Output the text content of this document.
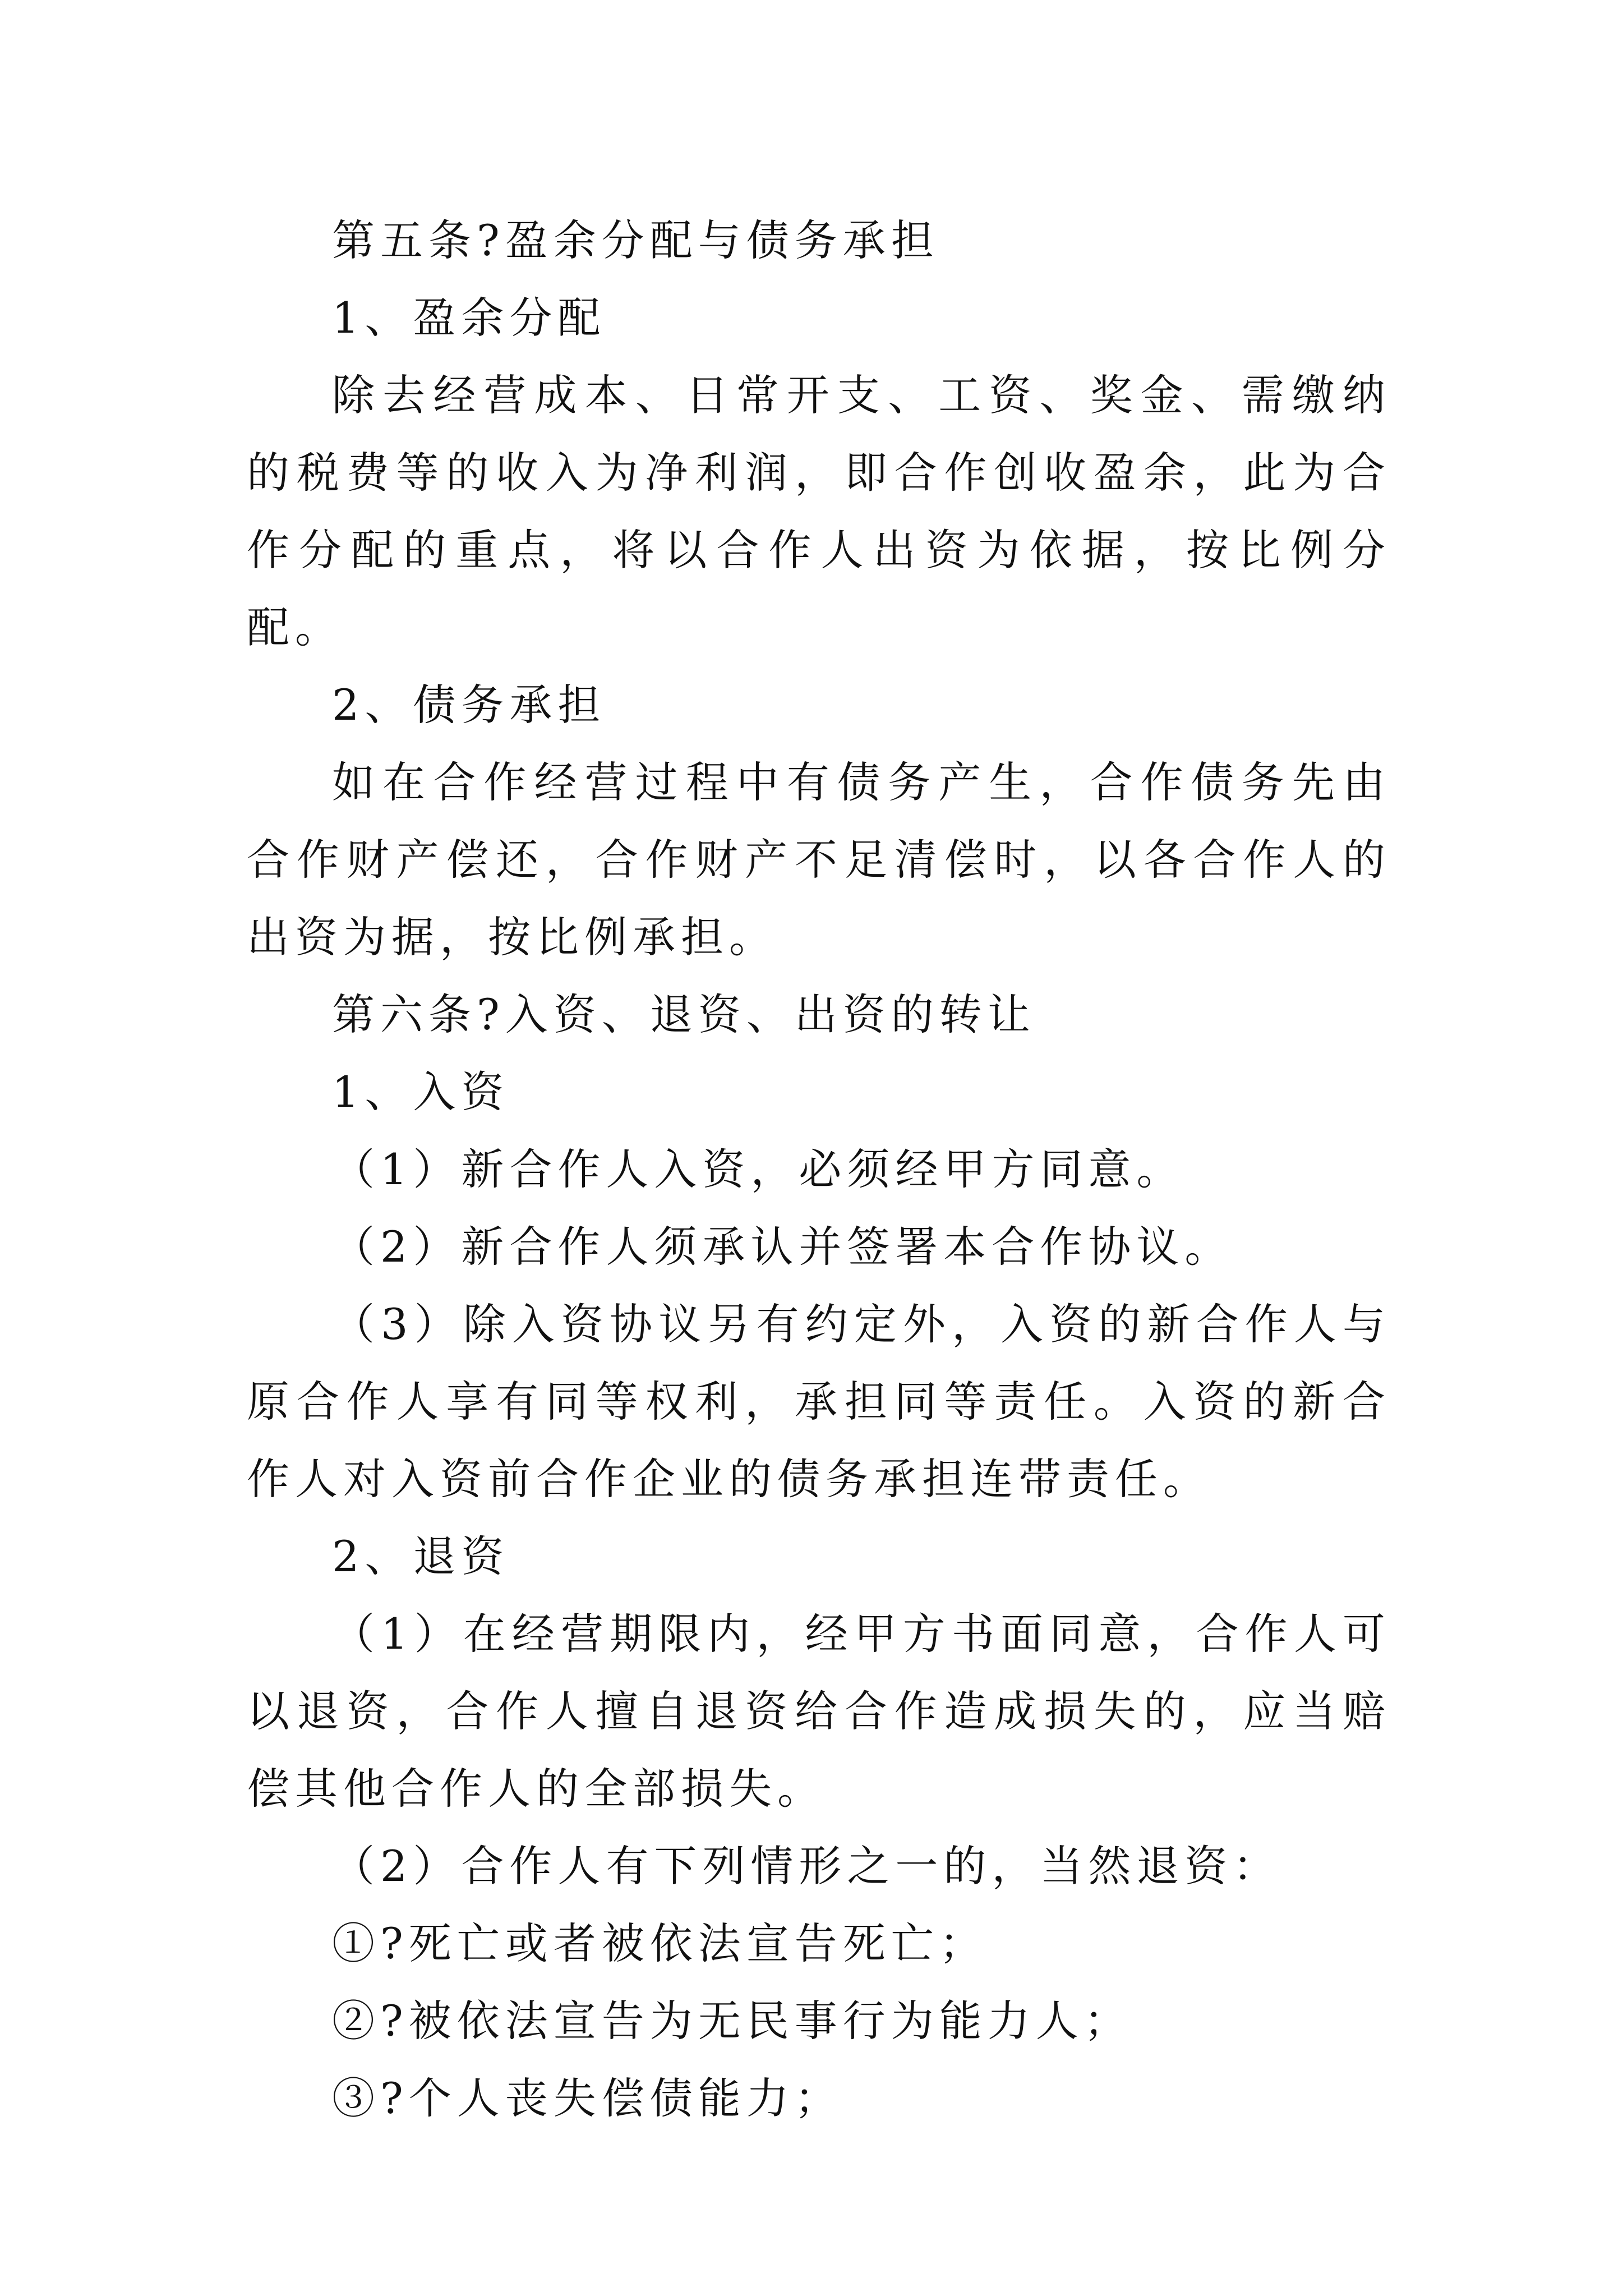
第五条?盈余分配与债务承担

1、盈余分配

除去经营成本、日常开支、工资、奖金、需缴纳的税费等的收入为净利润，即合作创收盈余，此为合作分配的重点，将以合作人出资为依据，按比例分配。

2、债务承担

如在合作经营过程中有债务产生，合作债务先由合作财产偿还，合作财产不足清偿时，以各合作人的出资为据，按比例承担。

第六条?入资、退资、出资的转让

1、入资

（1）新合作人入资，必须经甲方同意。

（2）新合作人须承认并签署本合作协议。

（3）除入资协议另有约定外，入资的新合作人与原合作人享有同等权利，承担同等责任。入资的新合作人对入资前合作企业的债务承担连带责任。

2、退资

（1）在经营期限内，经甲方书面同意，合作人可以退资，合作人擅自退资给合作造成损失的，应当赔偿其他合作人的全部损失。

（2）合作人有下列情形之一的，当然退资：

①?死亡或者被依法宣告死亡；

②?被依法宣告为无民事行为能力人；

③?个人丧失偿债能力；
